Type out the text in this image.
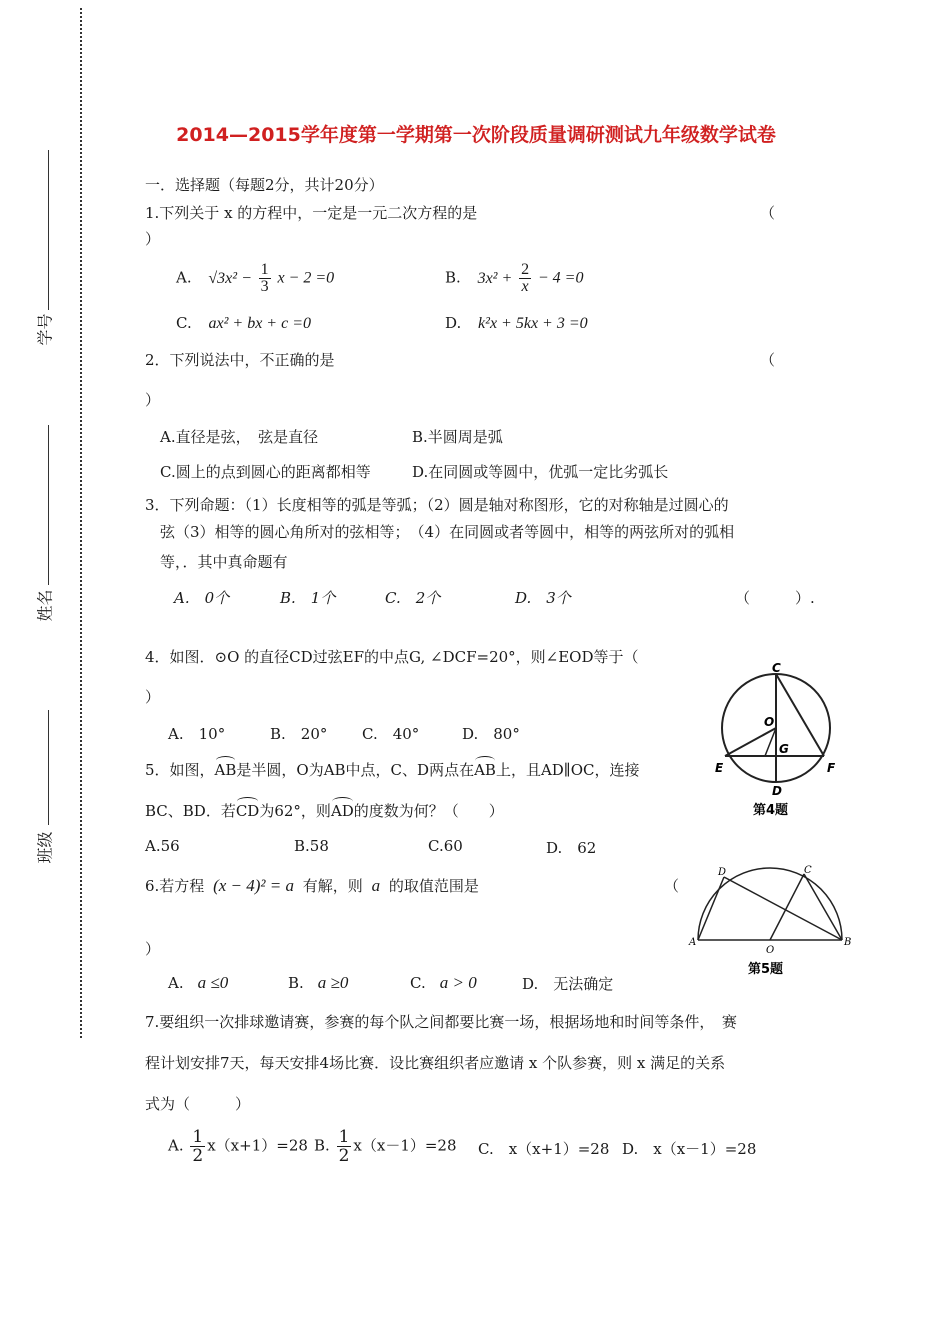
学号
姓名
班级
2014—2015学年度第一学期第一次阶段质量调研测试九年级数学试卷
一．选择题（每题2分，共计20分）
1.下列关于 x 的方程中，一定是一元二次方程的是	（
）
A. $√3x^2 - \frac{1}{3}$ x − 2 =0	B. $3x^2 + \frac{2}{x} - 4 =0$
C. ax² + bx + c =0	D. k²x + 5kx + 3 =0
2．下列说法中，不正确的是	（
）
A.直径是弦，　弦是直径	B.半圆周是弧
C.圆上的点到圆心的距离都相等	D.在同圆或等圆中，优弧一定比劣弧长
3．下列命题：（1）长度相等的弧是等弧；（2）圆是轴对称图形，它的对称轴是过圆心的
弦（3）相等的圆心角所对的弦相等；　（4）在同圆或者等圆中，相等的两弦所对的弧相
等，．其中真命题有
A.　0个	B.　1个	C.　2个	D.　3个	（　　　）.
4．如图．⊙O 的直径CD过弦EF的中点G, ∠DCF=20°，则∠EOD等于（
）
A.　10°	B.　20° C.　40°	D.　80°
C
O
G
E	F
D
第4题
5．如图，AB是半圆，O为AB中点，C、D两点在AB上，且AD∥OC，连接
BC、BD．若CD为62°，则AD的度数为何？（　　）
A.56	B.58	C.60	D.　62
D	C
A
O
B
第5题
6.若方程 (x − 4)² = a 有解，则 a 的取值范围是	（
）
A. a ≤0	B. a ≥0	C. a > 0	D.　无法确定
7.要组织一次排球邀请赛，参赛的每个队之间都要比赛一场，根据场地和时间等条件，　赛
程计划安排7天，每天安排4场比赛．设比赛组织者应邀请 x 个队参赛，则 x 满足的关系
式为（　　　）
A. $\frac{1}{2} x(x+1)=28$ B. $\frac{1}{2} x(x-1)=28$ C.　x（x+1）=28 D.　x（x－1）=28
